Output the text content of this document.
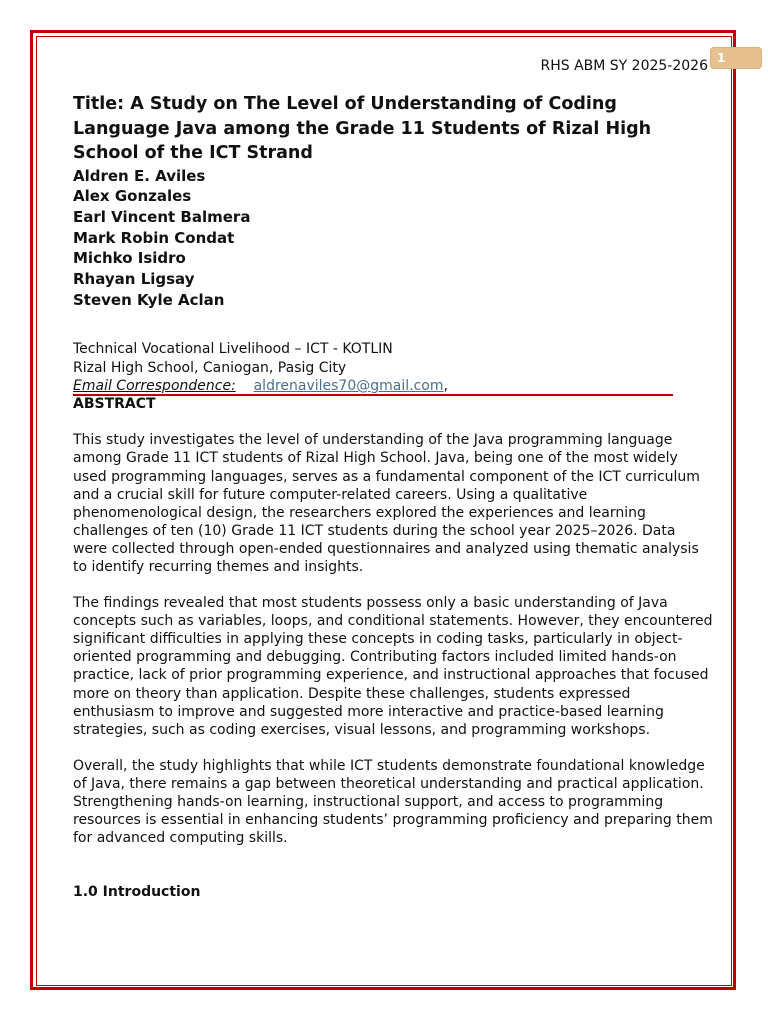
RHS ABM SY 2025-2026 1
Title: A Study on The Level of Understanding of Coding Language Java among the Grade 11 Students of Rizal High School of the ICT Strand
Aldren E. Aviles
Alex Gonzales
Earl Vincent Balmera
Mark Robin Condat
Michko Isidro
Rhayan Ligsay
Steven Kyle Aclan
Technical Vocational Livelihood – ICT - KOTLIN
Rizal High School, Caniogan, Pasig City
Email Correspondence: aldrenaviles70@gmail.com,
ABSTRACT

This study investigates the level of understanding of the Java programming language among Grade 11 ICT students of Rizal High School. Java, being one of the most widely used programming languages, serves as a fundamental component of the ICT curriculum and a crucial skill for future computer-related careers. Using a qualitative phenomenological design, the researchers explored the experiences and learning challenges of ten (10) Grade 11 ICT students during the school year 2025–2026. Data were collected through open-ended questionnaires and analyzed using thematic analysis to identify recurring themes and insights.

The findings revealed that most students possess only a basic understanding of Java concepts such as variables, loops, and conditional statements. However, they encountered significant difficulties in applying these concepts in coding tasks, particularly in object-oriented programming and debugging. Contributing factors included limited hands-on practice, lack of prior programming experience, and instructional approaches that focused more on theory than application. Despite these challenges, students expressed enthusiasm to improve and suggested more interactive and practice-based learning strategies, such as coding exercises, visual lessons, and programming workshops.

Overall, the study highlights that while ICT students demonstrate foundational knowledge of Java, there remains a gap between theoretical understanding and practical application. Strengthening hands-on learning, instructional support, and access to programming resources is essential in enhancing students’ programming proficiency and preparing them for advanced computing skills.

1.0 Introduction
